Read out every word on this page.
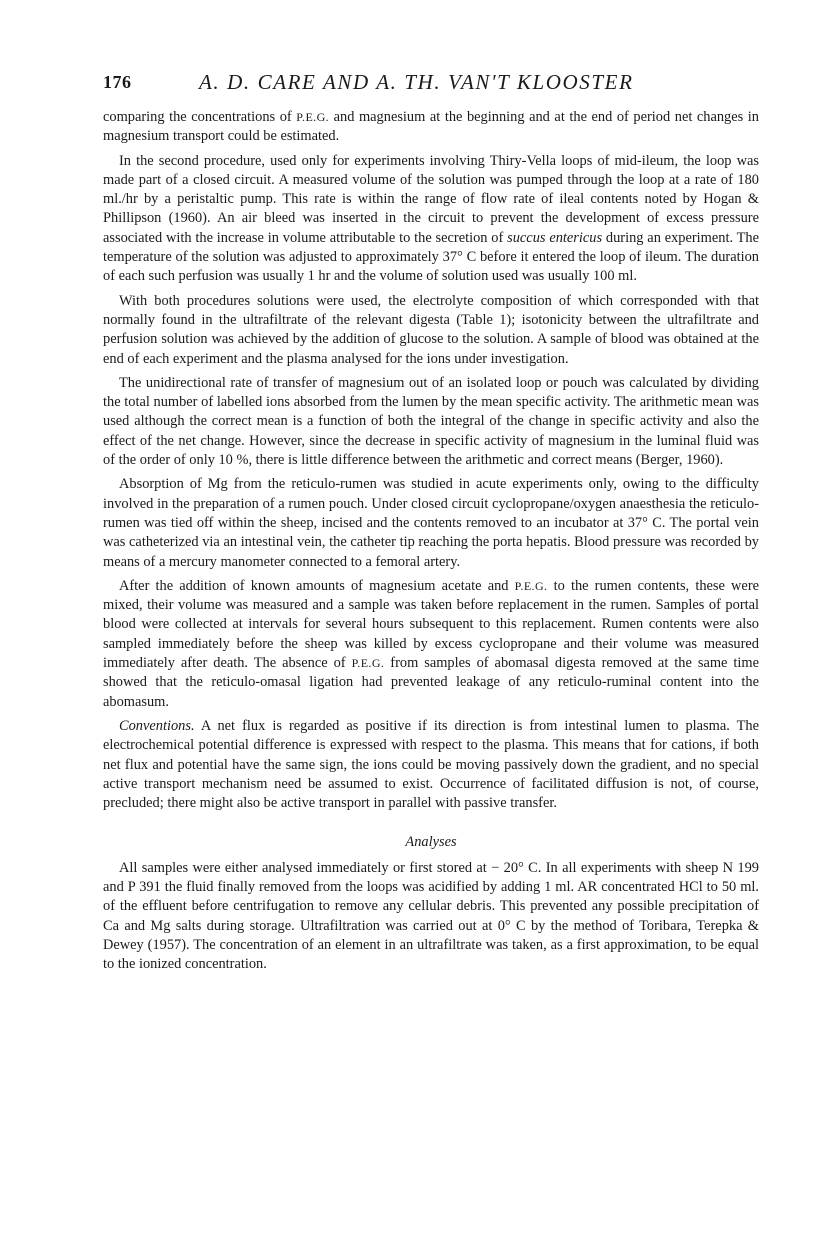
176	A. D. CARE AND A. TH. VAN'T KLOOSTER

comparing the concentrations of P.E.G. and magnesium at the beginning and at the end of period net changes in magnesium transport could be estimated.

In the second procedure, used only for experiments involving Thiry-Vella loops of mid-ileum, the loop was made part of a closed circuit. A measured volume of the solution was pumped through the loop at a rate of 180 ml./hr by a peristaltic pump. This rate is within the range of flow rate of ileal contents noted by Hogan & Phillipson (1960). An air bleed was inserted in the circuit to prevent the development of excess pressure associated with the increase in volume attributable to the secretion of succus entericus during an experiment. The temperature of the solution was adjusted to approximately 37° C before it entered the loop of ileum. The duration of each such perfusion was usually 1 hr and the volume of solution used was usually 100 ml.

With both procedures solutions were used, the electrolyte composition of which corresponded with that normally found in the ultrafiltrate of the relevant digesta (Table 1); isotonicity between the ultrafiltrate and perfusion solution was achieved by the addition of glucose to the solution. A sample of blood was obtained at the end of each experiment and the plasma analysed for the ions under investigation.

The unidirectional rate of transfer of magnesium out of an isolated loop or pouch was calculated by dividing the total number of labelled ions absorbed from the lumen by the mean specific activity. The arithmetic mean was used although the correct mean is a function of both the integral of the change in specific activity and also the effect of the net change. However, since the decrease in specific activity of magnesium in the luminal fluid was of the order of only 10 %, there is little difference between the arithmetic and correct means (Berger, 1960).

Absorption of Mg from the reticulo-rumen was studied in acute experiments only, owing to the difficulty involved in the preparation of a rumen pouch. Under closed circuit cyclopropane/oxygen anaesthesia the reticulo-rumen was tied off within the sheep, incised and the contents removed to an incubator at 37° C. The portal vein was catheterized via an intestinal vein, the catheter tip reaching the porta hepatis. Blood pressure was recorded by means of a mercury manometer connected to a femoral artery.

After the addition of known amounts of magnesium acetate and P.E.G. to the rumen contents, these were mixed, their volume was measured and a sample was taken before replacement in the rumen. Samples of portal blood were collected at intervals for several hours subsequent to this replacement. Rumen contents were also sampled immediately before the sheep was killed by excess cyclopropane and their volume was measured immediately after death. The absence of P.E.G. from samples of abomasal digesta removed at the same time showed that the reticulo-omasal ligation had prevented leakage of any reticulo-ruminal content into the abomasum.

Conventions. A net flux is regarded as positive if its direction is from intestinal lumen to plasma. The electrochemical potential difference is expressed with respect to the plasma. This means that for cations, if both net flux and potential have the same sign, the ions could be moving passively down the gradient, and no special active transport mechanism need be assumed to exist. Occurrence of facilitated diffusion is not, of course, precluded; there might also be active transport in parallel with passive transfer.

Analyses

All samples were either analysed immediately or first stored at − 20° C. In all experiments with sheep N 199 and P 391 the fluid finally removed from the loops was acidified by adding 1 ml. AR concentrated HCl to 50 ml. of the effluent before centrifugation to remove any cellular debris. This prevented any possible precipitation of Ca and Mg salts during storage. Ultrafiltration was carried out at 0° C by the method of Toribara, Terepka & Dewey (1957). The concentration of an element in an ultrafiltrate was taken, as a first approximation, to be equal to the ionized concentration.
